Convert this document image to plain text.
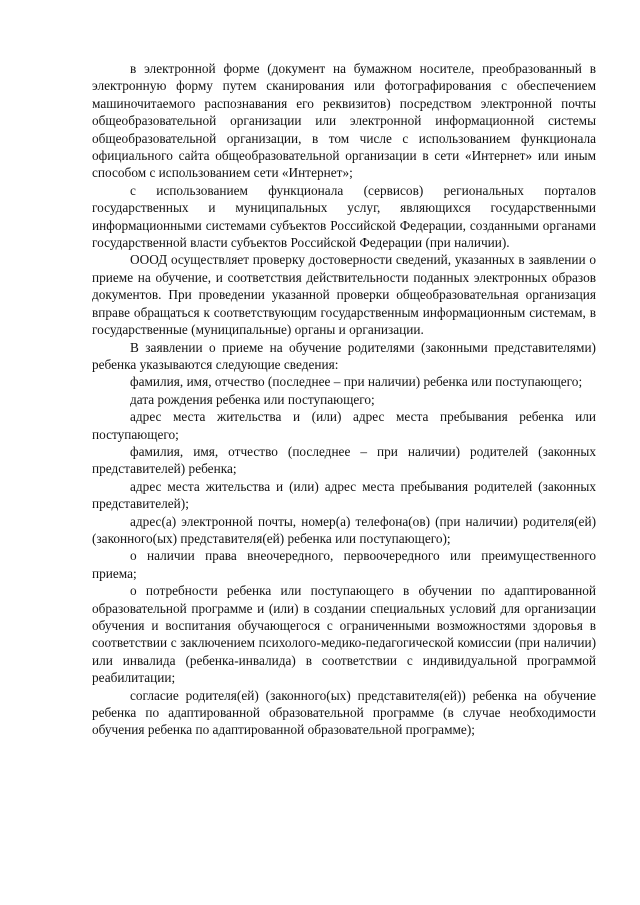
в электронной форме (документ на бумажном носителе, преобразованный в электронную форму путем сканирования или фотографирования с обеспечением машиночитаемого распознавания его реквизитов) посредством электронной почты общеобразовательной организации или электронной информационной системы общеобразовательной организации, в том числе с использованием функционала официального сайта общеобразовательной организации в сети «Интернет» или иным способом с использованием сети «Интернет»;

с использованием функционала (сервисов) региональных порталов государственных и муниципальных услуг, являющихся государственными информационными системами субъектов Российской Федерации, созданными органами государственной власти субъектов Российской Федерации (при наличии).

ОООД осуществляет проверку достоверности сведений, указанных в заявлении о приеме на обучение, и соответствия действительности поданных электронных образов документов. При проведении указанной проверки общеобразовательная организация вправе обращаться к соответствующим государственным информационным системам, в государственные (муниципальные) органы и организации.

В заявлении о приеме на обучение родителями (законными представителями) ребенка указываются следующие сведения:

фамилия, имя, отчество (последнее – при наличии) ребенка или поступающего;

дата рождения ребенка или поступающего;

адрес места жительства и (или) адрес места пребывания ребенка или поступающего;

фамилия, имя, отчество (последнее – при наличии) родителей (законных представителей) ребенка;

адрес места жительства и (или) адрес места пребывания родителей (законных представителей);

адрес(а) электронной почты, номер(а) телефона(ов) (при наличии) родителя(ей) (законного(ых) представителя(ей) ребенка или поступающего);

о наличии права внеочередного, первоочередного или преимущественного приема;

о потребности ребенка или поступающего в обучении по адаптированной образовательной программе и (или) в создании специальных условий для организации обучения и воспитания обучающегося с ограниченными возможностями здоровья в соответствии с заключением психолого-медико-педагогической комиссии (при наличии) или инвалида (ребенка-инвалида) в соответствии с индивидуальной программой реабилитации;

согласие родителя(ей) (законного(ых) представителя(ей)) ребенка на обучение ребенка по адаптированной образовательной программе (в случае необходимости обучения ребенка по адаптированной образовательной программе);
